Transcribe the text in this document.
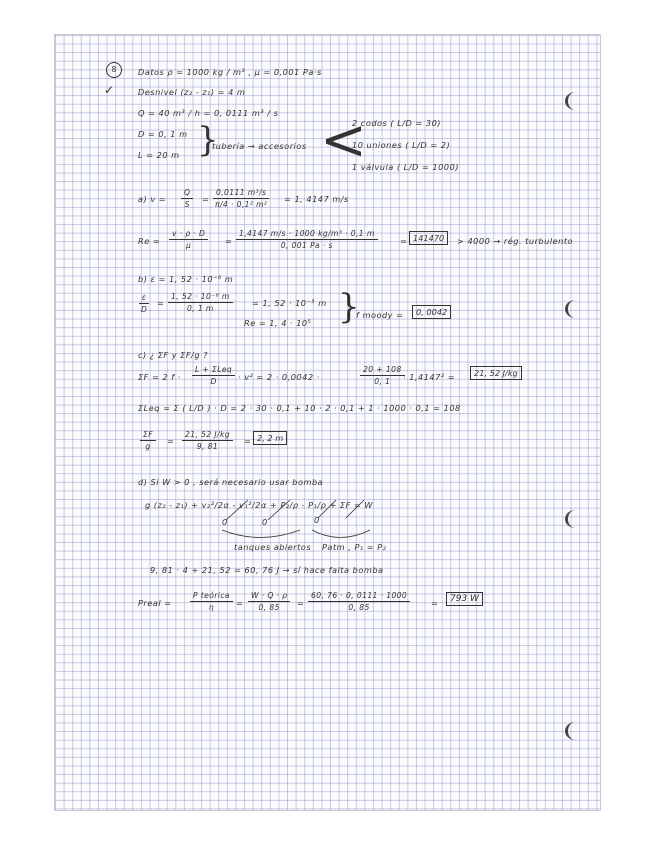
8
✓
Datos ρ = 1000 kg / m³ , μ = 0,001 Pa·s
Desnivel (z₂ - z₁) = 4 m
Q = 40 m³ / h = 0, 0111 m³ / s
D = 0, 1 m
L = 20 m }
tubería → accesorios <
2 codos ( L/D = 30)
10 uniones ( L/D = 2)
1 válvula ( L/D = 1000)
a) $v = \frac{Q}{S} = \frac{\text{0,0111 m³/s}}{\text{π/4 · 0,1² m²}} = 1$, 4147 m/s
$Re = \frac{v \cdot \rho \cdot D}{\mu} = \frac{\text{1,4147 m/s · 1000 kg/m³ · 0,1 m}}{0, 001 Pa \cdot s}$	= 141470	> 4000 → rég. turbulento
b) ε = 1, 52 · 10⁻⁶ m
$\frac{\varepsilon}{D} = \frac{\text{1, 52 · 10⁻⁶ m}}{0, 1 m} = 1$, 52 · 10⁻⁵ m
Re = 1, 4 · 10⁵ }
f moody =	0, 0042
c) ¿ ΣF y ΣF/g ?
ΣF = 2 f ·
L + ΣLeq
D	· v² = 2 · 0,0042 ·	$\frac{20 + 108}{0, 1}$
· 1,4147² =	21, 52 J/kg
ΣLeq = Σ ( L/D ) · D = 2 · 30 · 0,1 + 10 · 2 · 0,1 + 1 · 1000 · 0,1 = 108
$\frac{\Sigma F}{g} = \frac{21, 52 J/kg}{9, 81} = 2$, 2 m
d) Si W > 0 , será necesario usar bomba
g (z₂ - z₁) + v₂²/2α - v₁²/2α + P₂/ρ - P₁/ρ + ΣF = W
0	0	0
tanques abiertos Patm , P₁ = P₂
9, 81 · 4 + 21, 52 = 60, 76 J → sí hace falta bomba
Preal =
P teórica
η	= $\frac{W \cdot Q \cdot \rho}{0, 85} = \frac{60, 76 \cdot 0, 0111 \cdot 1000}{0, 85}$	=	793 W
